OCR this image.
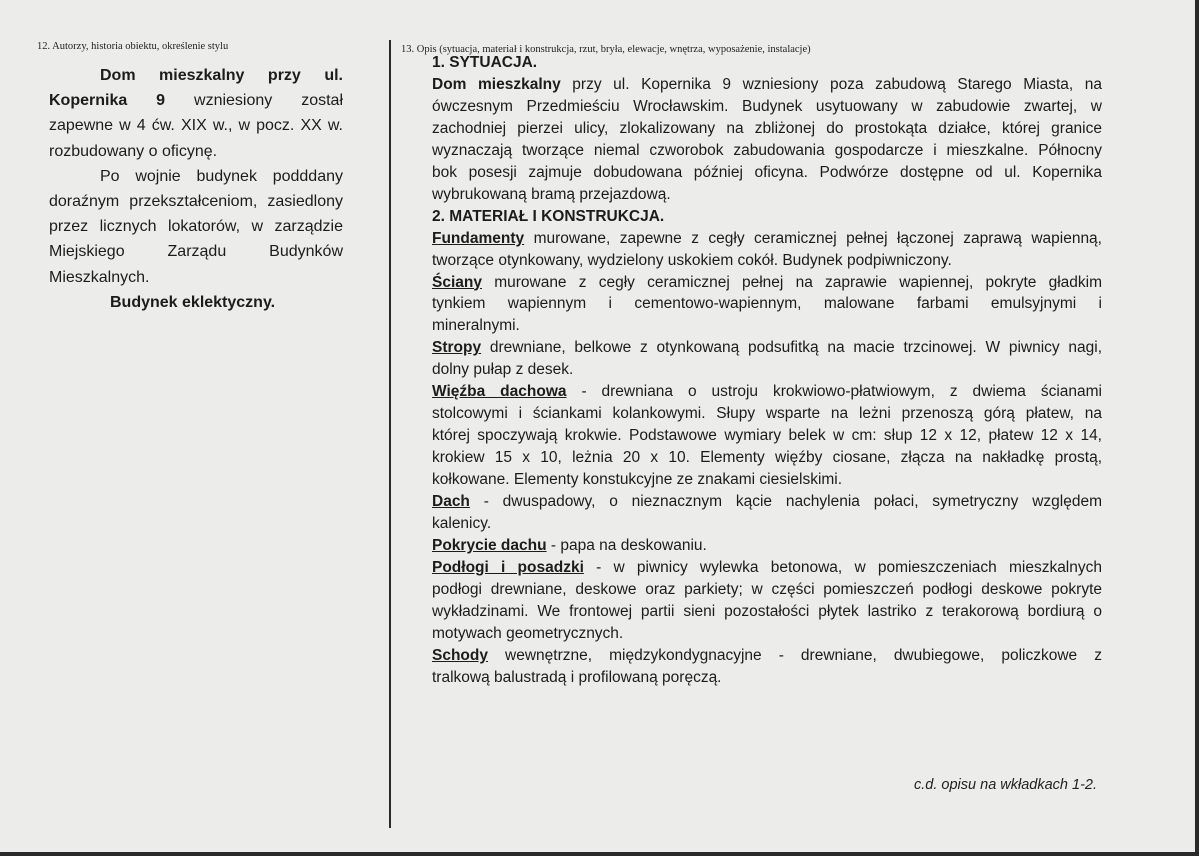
12. Autorzy, historia obiektu, określenie stylu	13. Opis (sytuacja, materiał i konstrukcja, rzut, bryła, elewacje, wnętrza, wyposażenie, instalacje)
Dom mieszkalny przy ul.
Kopernika 9 wzniesiony został
zapewne w 4 ćw. XIX w., w pocz. XX w.
rozbudowany o oficynę.
Po wojnie budynek podddany
doraźnym przekształceniom, zasiedlony
przez licznych lokatorów, w zarządzie
Miejskiego Zarządu Budynków
Mieszkalnych.
Budynek eklektyczny.
1. SYTUACJA.
Dom mieszkalny przy ul. Kopernika 9 wzniesiony poza zabudową Starego Miasta, na
ówczesnym Przedmieściu Wrocławskim. Budynek usytuowany w zabudowie zwartej, w
zachodniej pierzei ulicy, zlokalizowany na zbliżonej do prostokąta działce, której granice
wyznaczają tworzące niemal czworobok zabudowania gospodarcze i mieszkalne. Północny
bok posesji zajmuje dobudowana później oficyna. Podwórze dostępne od ul. Kopernika
wybrukowaną bramą przejazdową.
2. MATERIAŁ I KONSTRUKCJA.
Fundamenty murowane, zapewne z cegły ceramicznej pełnej łączonej zaprawą wapienną,
tworzące otynkowany, wydzielony uskokiem cokół. Budynek podpiwniczony.
Ściany murowane z cegły ceramicznej pełnej na zaprawie wapiennej, pokryte gładkim
tynkiem wapiennym i cementowo-wapiennym, malowane farbami emulsyjnymi i
mineralnymi.
Stropy drewniane, belkowe z otynkowaną podsufitką na macie trzcinowej. W piwnicy nagi,
dolny pułap z desek.
Więźba dachowa - drewniana o ustroju krokwiowo-płatwiowym, z dwiema ścianami
stolcowymi i ściankami kolankowymi. Słupy wsparte na leżni przenoszą górą płatew, na
której spoczywają krokwie. Podstawowe wymiary belek w cm: słup 12 x 12, płatew 12 x 14,
krokiew 15 x 10, leżnia 20 x 10. Elementy więźby ciosane, złącza na nakładkę prostą,
kołkowane. Elementy konstukcyjne ze znakami ciesielskimi.
Dach - dwuspadowy, o nieznacznym kącie nachylenia połaci, symetryczny względem
kalenicy.
Pokrycie dachu - papa na deskowaniu.
Podłogi i posadzki - w piwnicy wylewka betonowa, w pomieszczeniach mieszkalnych
podłogi drewniane, deskowe oraz parkiety; w części pomieszczeń podłogi deskowe pokryte
wykładzinami. We frontowej partii sieni pozostałości płytek lastriko z terakorową bordiurą o
motywach geometrycznych.
Schody wewnętrzne, międzykondygnacyjne - drewniane, dwubiegowe, policzkowe z
tralkową balustradą i profilowaną poręczą.
c.d. opisu na wkładkach 1-2.
